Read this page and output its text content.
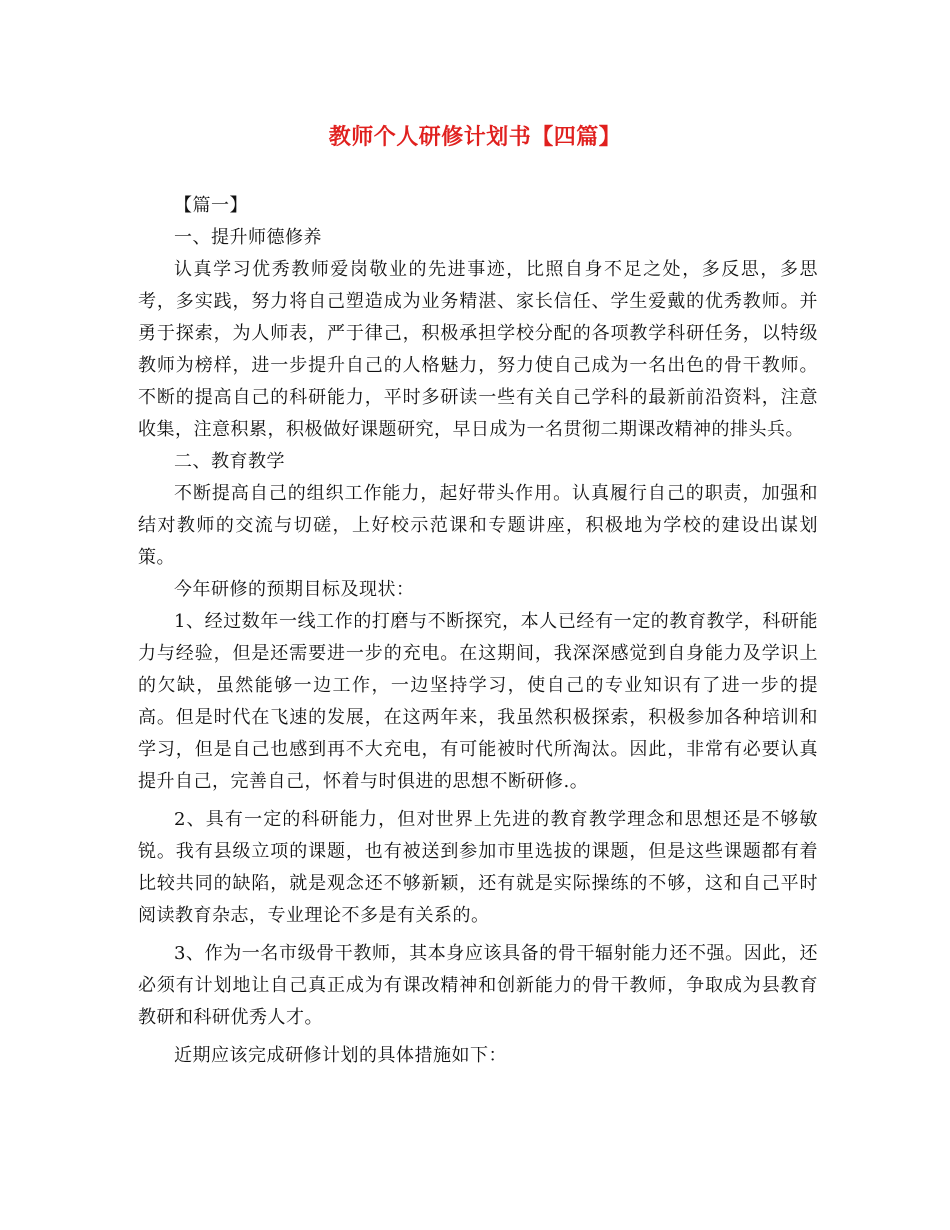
教师个人研修计划书【四篇】

【篇一】

一、提升师德修养

认真学习优秀教师爱岗敬业的先进事迹，比照自身不足之处，多反思，多思考，多实践，努力将自己塑造成为业务精湛、家长信任、学生爱戴的优秀教师。并勇于探索，为人师表，严于律己，积极承担学校分配的各项教学科研任务，以特级教师为榜样，进一步提升自己的人格魅力，努力使自己成为一名出色的骨干教师。不断的提高自己的科研能力，平时多研读一些有关自己学科的最新前沿资料，注意收集，注意积累，积极做好课题研究，早日成为一名贯彻二期课改精神的排头兵。

二、教育教学

不断提高自己的组织工作能力，起好带头作用。认真履行自己的职责，加强和结对教师的交流与切磋，上好校示范课和专题讲座，积极地为学校的建设出谋划策。

今年研修的预期目标及现状：

1、经过数年一线工作的打磨与不断探究，本人已经有一定的教育教学，科研能力与经验，但是还需要进一步的充电。在这期间，我深深感觉到自身能力及学识上的欠缺，虽然能够一边工作，一边坚持学习，使自己的专业知识有了进一步的提高。但是时代在飞速的发展，在这两年来，我虽然积极探索，积极参加各种培训和学习，但是自己也感到再不大充电，有可能被时代所淘汰。因此，非常有必要认真提升自己，完善自己，怀着与时俱进的思想不断研修.。

2、具有一定的科研能力，但对世界上先进的教育教学理念和思想还是不够敏锐。我有县级立项的课题，也有被送到参加市里选拔的课题，但是这些课题都有着比较共同的缺陷，就是观念还不够新颖，还有就是实际操练的不够，这和自己平时阅读教育杂志，专业理论不多是有关系的。

3、作为一名市级骨干教师，其本身应该具备的骨干辐射能力还不强。因此，还必须有计划地让自己真正成为有课改精神和创新能力的骨干教师，争取成为县教育教研和科研优秀人才。

近期应该完成研修计划的具体措施如下：
